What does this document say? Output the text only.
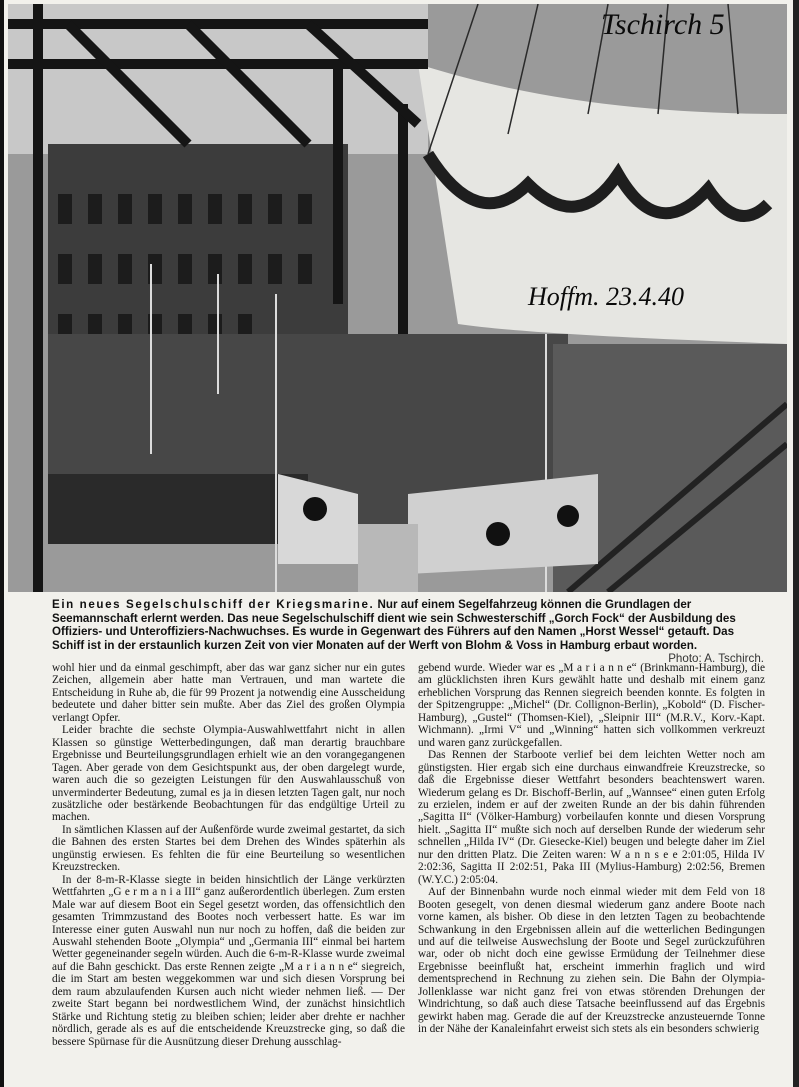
Tschirch 5
Hoffm. 23.4.40
Ein neues Segelschulschiff der Kriegsmarine. Nur auf einem Segelfahrzeug können die Grundlagen der Seemannschaft erlernt werden. Das neue Segelschulschiff dient wie sein Schwesterschiff „Gorch Fock“ der Ausbildung des Offiziers- und Unteroffiziers-Nachwuchses. Es wurde in Gegenwart des Führers auf den Namen „Horst Wessel“ getauft. Das Schiff ist in der erstaunlich kurzen Zeit von vier Monaten auf der Werft von Blohm & Voss in Hamburg erbaut worden.
Photo: A. Tschirch.

wohl hier und da einmal geschimpft, aber das war ganz sicher nur ein gutes Zeichen, allgemein aber hatte man Vertrauen, und man wartete die Entscheidung in Ruhe ab, die für 99 Prozent ja notwendig eine Ausscheidung bedeutete und daher bitter sein mußte. Aber das Ziel des großen Olympia verlangt Opfer.

Leider brachte die sechste Olympia-Auswahlwettfahrt nicht in allen Klassen so günstige Wetterbedingungen, daß man derartig brauchbare Ergebnisse und Beurteilungsgrundlagen erhielt wie an den vorangegangenen Tagen. Aber gerade von dem Gesichtspunkt aus, der oben dargelegt wurde, waren auch die so gezeigten Leistungen für den Auswahlausschuß von unverminderter Bedeutung, zumal es ja in diesen letzten Tagen galt, nur noch zusätzliche oder bestärkende Beobachtungen für das endgültige Urteil zu machen.

In sämtlichen Klassen auf der Außenförde wurde zweimal gestartet, da sich die Bahnen des ersten Startes bei dem Drehen des Windes späterhin als ungünstig erwiesen. Es fehlten die für eine Beurteilung so wesentlichen Kreuzstrecken.

In der 8-m-R-Klasse siegte in beiden hinsichtlich der Länge verkürzten Wettfahrten „G e r m a n i a III“ ganz außerordentlich überlegen. Zum ersten Male war auf diesem Boot ein Segel gesetzt worden, das offensichtlich den gesamten Trimmzustand des Bootes noch verbessert hatte. Es war im Interesse einer guten Auswahl nun nur noch zu hoffen, daß die beiden zur Auswahl stehenden Boote „Olympia“ und „Germania III“ einmal bei hartem Wetter gegeneinander segeln würden. Auch die 6-m-R-Klasse wurde zweimal auf die Bahn geschickt. Das erste Rennen zeigte „M a r i a n n e“ siegreich, die im Start am besten weggekommen war und sich diesen Vorsprung bei dem raum abzulaufenden Kursen auch nicht wieder nehmen ließ. — Der zweite Start begann bei nordwestlichem Wind, der zunächst hinsichtlich Stärke und Richtung stetig zu bleiben schien; leider aber drehte er nachher nördlich, gerade als es auf die entscheidende Kreuzstrecke ging, so daß die bessere Spürnase für die Ausnützung dieser Drehung ausschlag-

gebend wurde. Wieder war es „M a r i a n n e“ (Brinkmann-Hamburg), die am glücklichsten ihren Kurs gewählt hatte und deshalb mit einem ganz erheblichen Vorsprung das Rennen siegreich beenden konnte. Es folgten in der Spitzengruppe: „Michel“ (Dr. Collignon-Berlin), „Kobold“ (D. Fischer-Hamburg), „Gustel“ (Thomsen-Kiel), „Sleipnir III“ (M.R.V., Korv.-Kapt. Wichmann). „Irmi V“ und „Winning“ hatten sich vollkommen verkreuzt und waren ganz zurückgefallen.

Das Rennen der Starboote verlief bei dem leichten Wetter noch am günstigsten. Hier ergab sich eine durchaus einwandfreie Kreuzstrecke, so daß die Ergebnisse dieser Wettfahrt besonders beachtenswert waren. Wiederum gelang es Dr. Bischoff-Berlin, auf „Wannsee“ einen guten Erfolg zu erzielen, indem er auf der zweiten Runde an der bis dahin führenden „Sagitta II“ (Völker-Hamburg) vorbeilaufen konnte und diesen Vorsprung hielt. „Sagitta II“ mußte sich noch auf derselben Runde der wiederum sehr schnellen „Hilda IV“ (Dr. Giesecke-Kiel) beugen und belegte daher im Ziel nur den dritten Platz. Die Zeiten waren: W a n n s e e 2:01:05, Hilda IV 2:02:36, Sagitta II 2:02:51, Paka III (Mylius-Hamburg) 2:02:56, Bremen (W.Y.C.) 2:05:04.

Auf der Binnenbahn wurde noch einmal wieder mit dem Feld von 18 Booten gesegelt, von denen diesmal wiederum ganz andere Boote nach vorne kamen, als bisher. Ob diese in den letzten Tagen zu beobachtende Schwankung in den Ergebnissen allein auf die wetterlichen Bedingungen und auf die teilweise Auswechslung der Boote und Segel zurückzuführen war, oder ob nicht doch eine gewisse Ermüdung der Teilnehmer diese Ergebnisse beeinflußt hat, erscheint immerhin fraglich und wird dementsprechend in Rechnung zu ziehen sein. Die Bahn der Olympia-Jollenklasse war nicht ganz frei von etwas störenden Drehungen der Windrichtung, so daß auch diese Tatsache beeinflussend auf das Ergebnis gewirkt haben mag. Gerade die auf der Kreuzstrecke anzusteuernde Tonne in der Nähe der Kanaleinfahrt erweist sich stets als ein besonders schwierig
